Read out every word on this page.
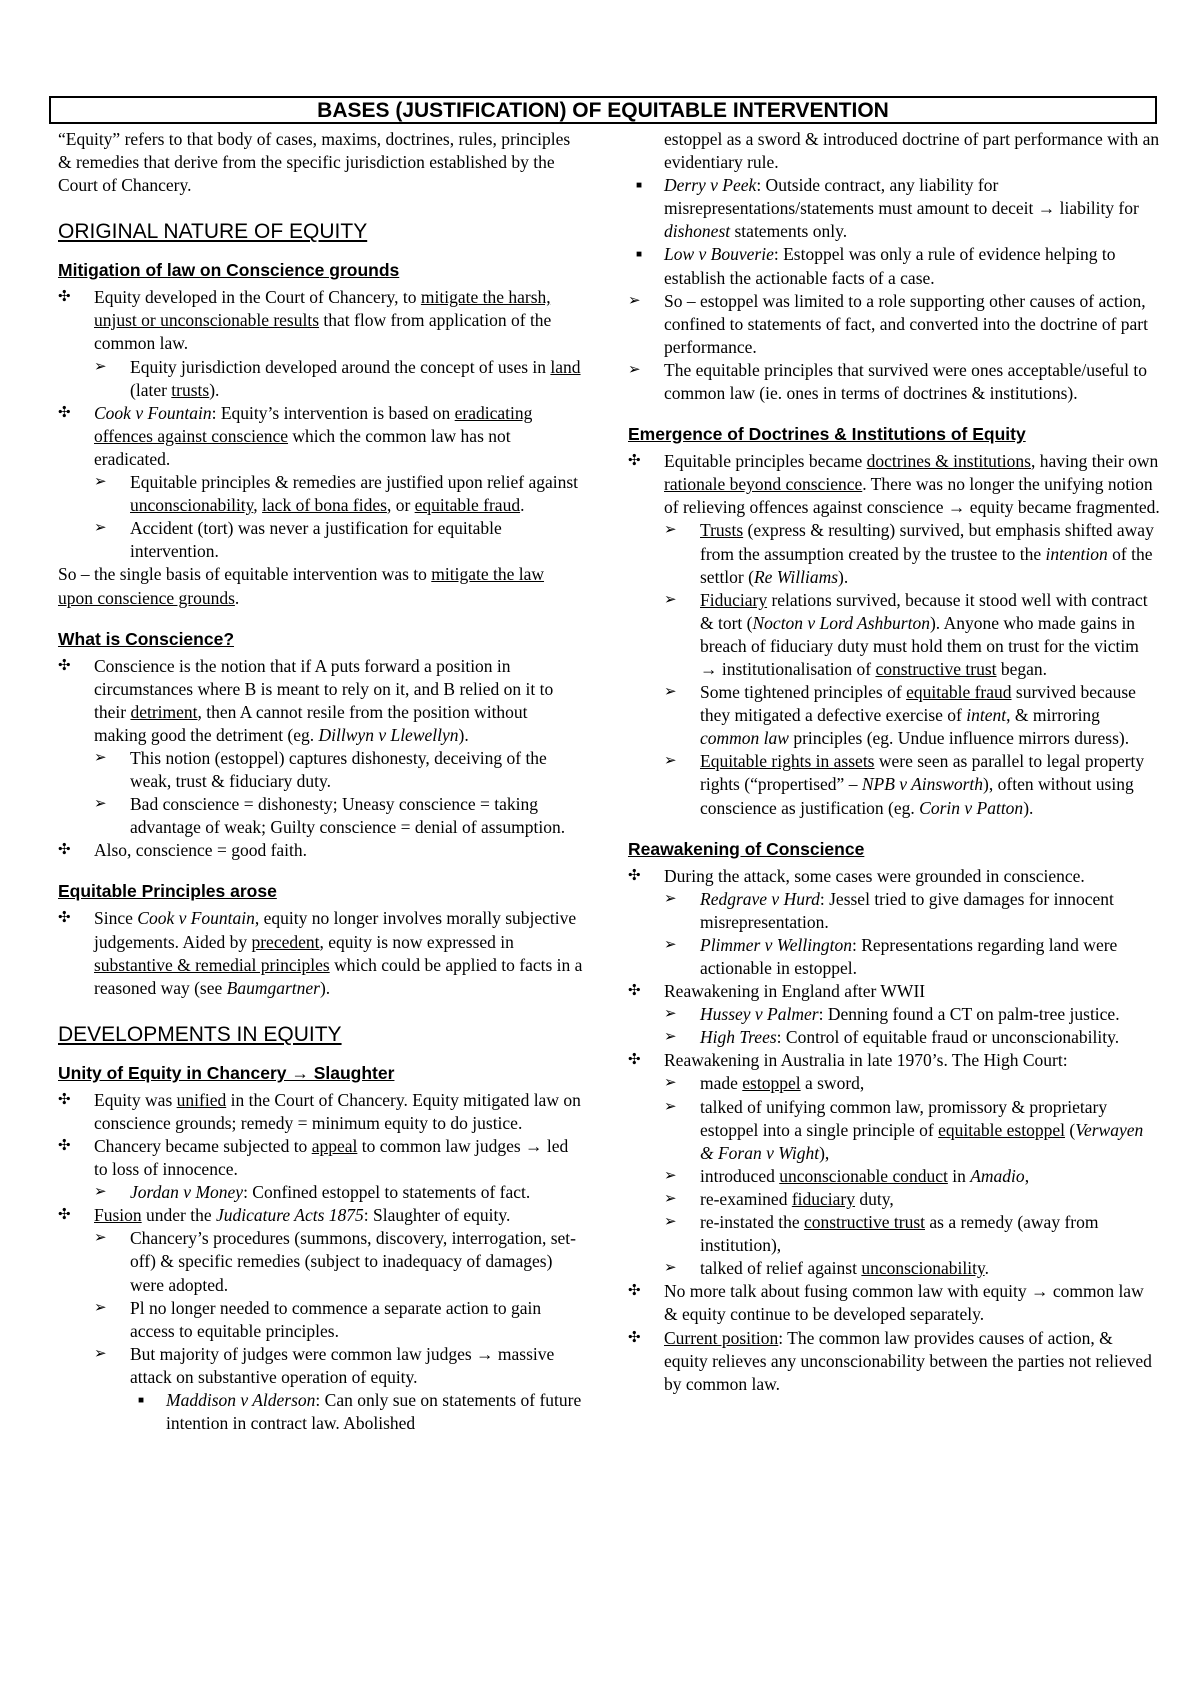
BASES (JUSTIFICATION) OF EQUITABLE INTERVENTION

“Equity” refers to that body of cases, maxims, doctrines, rules, principles & remedies that derive from the specific jurisdiction established by the Court of Chancery.

ORIGINAL NATURE OF EQUITY
Mitigation of law on Conscience grounds
✣	Equity developed in the Court of Chancery, to mitigate the harsh, unjust or unconscionable results that flow from application of the common law.
➢	Equity jurisdiction developed around the concept of uses in land (later trusts).
✣	Cook v Fountain: Equity’s intervention is based on eradicating offences against conscience which the common law has not eradicated.
➢	Equitable principles & remedies are justified upon relief against unconscionability, lack of bona fides, or equitable fraud.
➢	Accident (tort) was never a justification for equitable intervention.

So – the single basis of equitable intervention was to mitigate the law upon conscience grounds.

What is Conscience?
✣	Conscience is the notion that if A puts forward a position in circumstances where B is meant to rely on it, and B relied on it to their detriment, then A cannot resile from the position without making good the detriment (eg. Dillwyn v Llewellyn).
➢	This notion (estoppel) captures dishonesty, deceiving of the weak, trust & fiduciary duty.
➢	Bad conscience = dishonesty; Uneasy conscience = taking advantage of weak; Guilty conscience = denial of assumption.
✣	Also, conscience = good faith.
Equitable Principles arose
✣	Since Cook v Fountain, equity no longer involves morally subjective judgements. Aided by precedent, equity is now expressed in substantive & remedial principles which could be applied to facts in a reasoned way (see Baumgartner).
DEVELOPMENTS IN EQUITY
Unity of Equity in Chancery → Slaughter
✣	Equity was unified in the Court of Chancery. Equity mitigated law on conscience grounds; remedy = minimum equity to do justice.
✣	Chancery became subjected to appeal to common law judges → led to loss of innocence.
➢	Jordan v Money: Confined estoppel to statements of fact.
✣	Fusion under the Judicature Acts 1875: Slaughter of equity.
➢	Chancery’s procedures (summons, discovery, interrogation, set-off) & specific remedies (subject to inadequacy of damages) were adopted.
➢	Pl no longer needed to commence a separate action to gain access to equitable principles.
➢	But majority of judges were common law judges → massive attack on substantive operation of equity.
■	Maddison v Alderson: Can only sue on statements of future intention in contract law. Abolished
estoppel as a sword & introduced doctrine of part performance with an evidentiary rule.
■	Derry v Peek: Outside contract, any liability for misrepresentations/statements must amount to deceit → liability for dishonest statements only.
■	Low v Bouverie: Estoppel was only a rule of evidence helping to establish the actionable facts of a case.
➢	So – estoppel was limited to a role supporting other causes of action, confined to statements of fact, and converted into the doctrine of part performance.
➢	The equitable principles that survived were ones acceptable/useful to common law (ie. ones in terms of doctrines & institutions).
Emergence of Doctrines & Institutions of Equity
✣	Equitable principles became doctrines & institutions, having their own rationale beyond conscience. There was no longer the unifying notion of relieving offences against conscience → equity became fragmented.
➢	Trusts (express & resulting) survived, but emphasis shifted away from the assumption created by the trustee to the intention of the settlor (Re Williams).
➢	Fiduciary relations survived, because it stood well with contract & tort (Nocton v Lord Ashburton). Anyone who made gains in breach of fiduciary duty must hold them on trust for the victim → institutionalisation of constructive trust began.
➢	Some tightened principles of equitable fraud survived because they mitigated a defective exercise of intent, & mirroring common law principles (eg. Undue influence mirrors duress).
➢	Equitable rights in assets were seen as parallel to legal property rights (“propertised” – NPB v Ainsworth), often without using conscience as justification (eg. Corin v Patton).
Reawakening of Conscience
✣	During the attack, some cases were grounded in conscience.
➢	Redgrave v Hurd: Jessel tried to give damages for innocent misrepresentation.
➢	Plimmer v Wellington: Representations regarding land were actionable in estoppel.
✣	Reawakening in England after WWII
➢	Hussey v Palmer: Denning found a CT on palm-tree justice.
➢	High Trees: Control of equitable fraud or unconscionability.
✣	Reawakening in Australia in late 1970’s. The High Court:
➢	made estoppel a sword,
➢	talked of unifying common law, promissory & proprietary estoppel into a single principle of equitable estoppel (Verwayen & Foran v Wight),
➢	introduced unconscionable conduct in Amadio,
➢	re-examined fiduciary duty,
➢	re-instated the constructive trust as a remedy (away from institution),
➢	talked of relief against unconscionability.
✣	No more talk about fusing common law with equity → common law & equity continue to be developed separately.
✣	Current position: The common law provides causes of action, & equity relieves any unconscionability between the parties not relieved by common law.
